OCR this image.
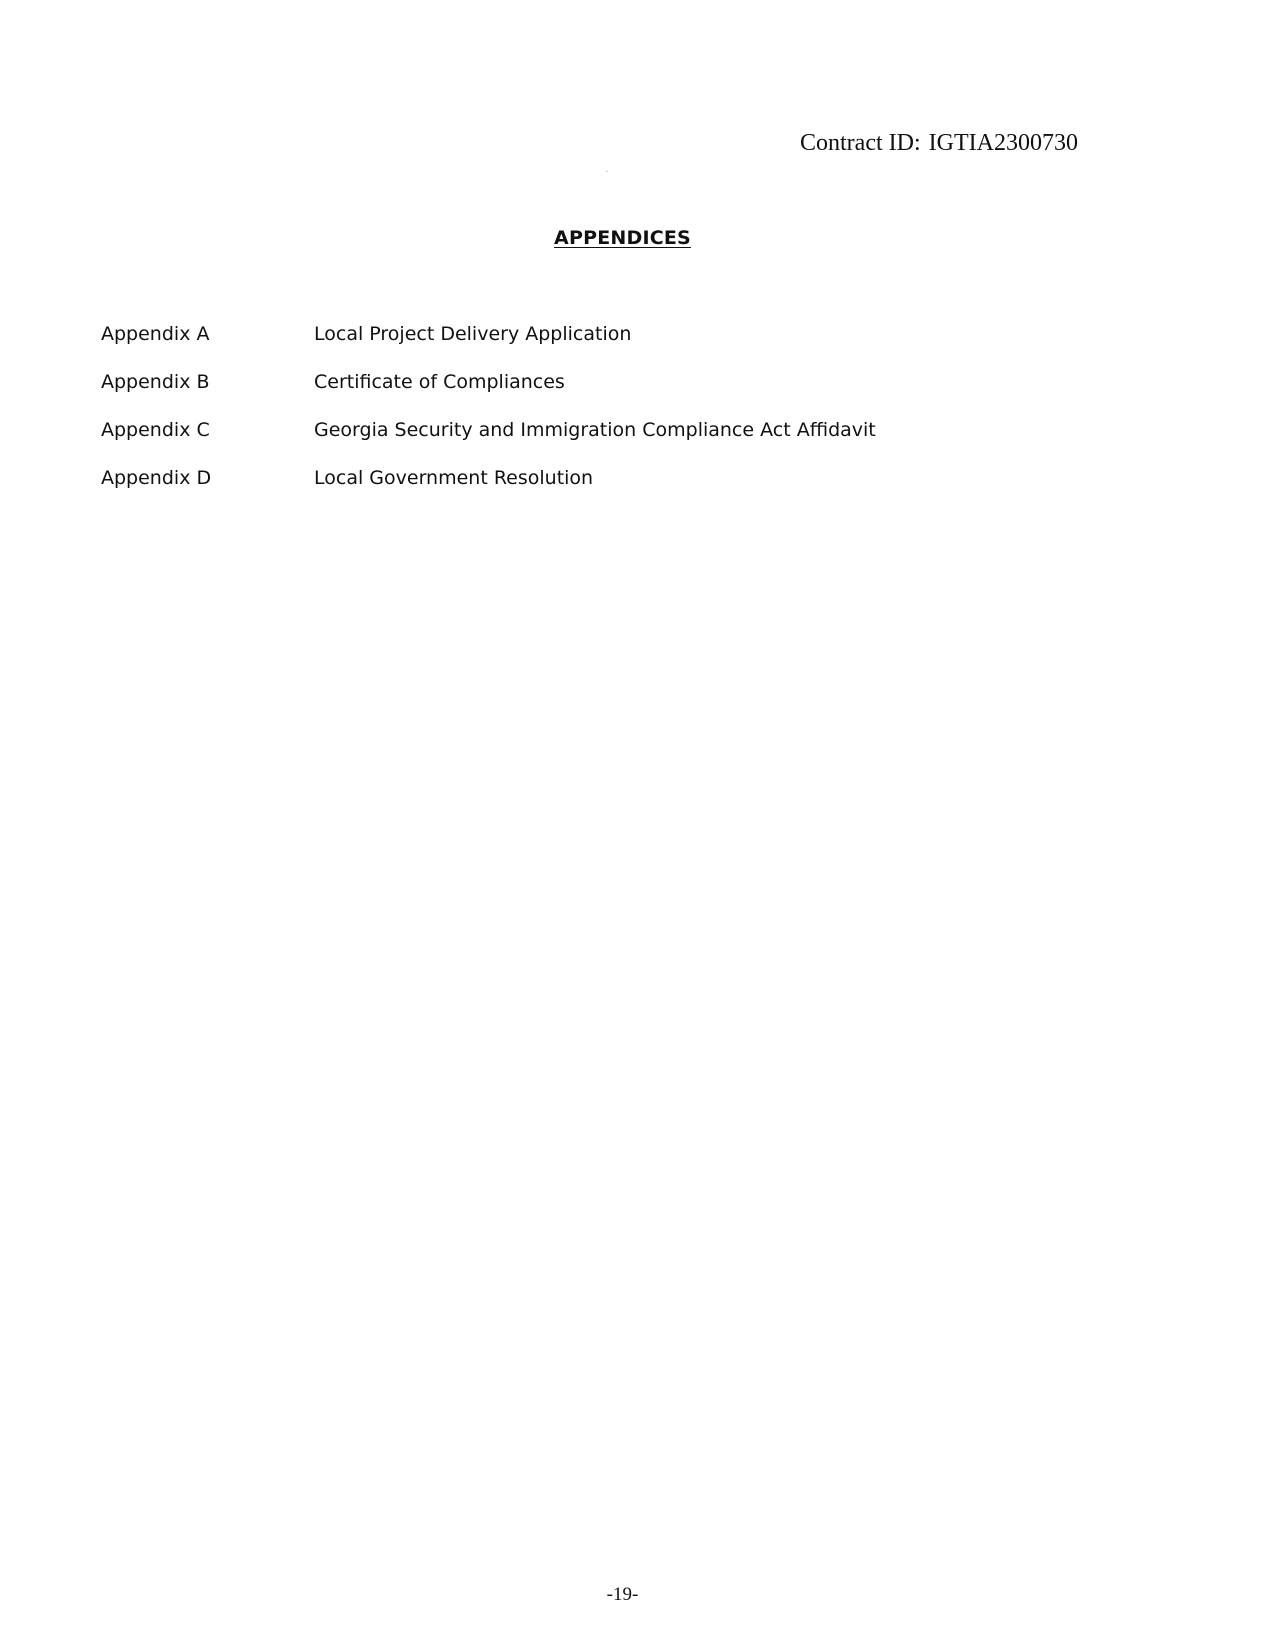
Contract ID: IGTIA2300730
APPENDICES
Appendix A	Local Project Delivery Application
Appendix B	Certificate of Compliances
Appendix C	Georgia Security and Immigration Compliance Act Affidavit
Appendix D	Local Government Resolution
-19-
